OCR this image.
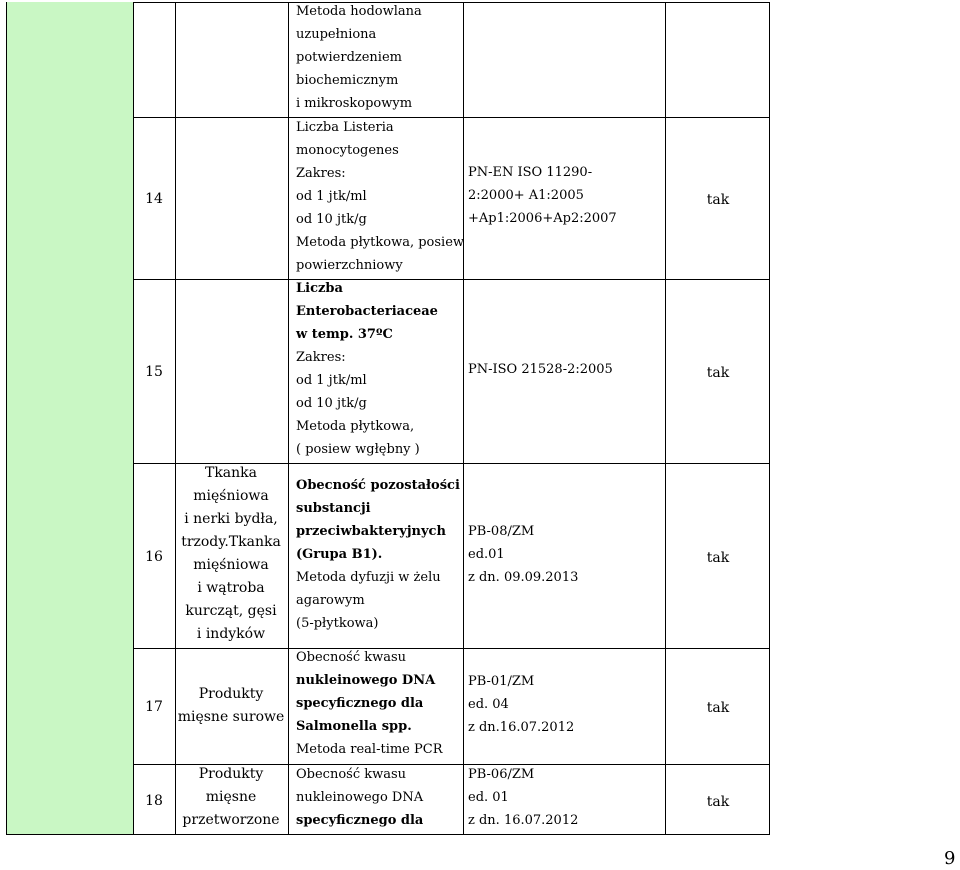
Metoda hodowlana
uzupełniona
potwierdzeniem
biochemicznym
i mikroskopowym
14
Liczba Listeria
monocytogenes
Zakres:
od 1 jtk/ml
od 10 jtk/g
Metoda płytkowa, posiew
powierzchniowy
PN-EN ISO 11290-
2:2000+ A1:2005
+Ap1:2006+Ap2:2007
tak
15
Liczba
Enterobacteriaceae
w temp. 37ºC
Zakres:
od 1 jtk/ml
od 10 jtk/g
Metoda płytkowa,
( posiew wgłębny )
PN-ISO 21528-2:2005	tak
16
Tkanka
mięśniowa
i nerki bydła,
trzody.Tkanka
mięśniowa
i wątroba
kurcząt, gęsi
i indyków
Obecność pozostałości
substancji
przeciwbakteryjnych
(Grupa B1).
Metoda dyfuzji w żelu
agarowym
(5-płytkowa)
PB-08/ZM
ed.01
z dn. 09.09.2013
tak
17
Produkty
mięsne surowe
Obecność kwasu
nukleinowego DNA
specyficznego dla
Salmonella spp.
Metoda real-time PCR
PB-01/ZM
ed. 04
z dn.16.07.2012
tak
18
Produkty
mięsne
przetworzone
Obecność kwasu
nukleinowego DNA
specyficznego dla
PB-06/ZM
ed. 01
z dn. 16.07.2012
tak
9
